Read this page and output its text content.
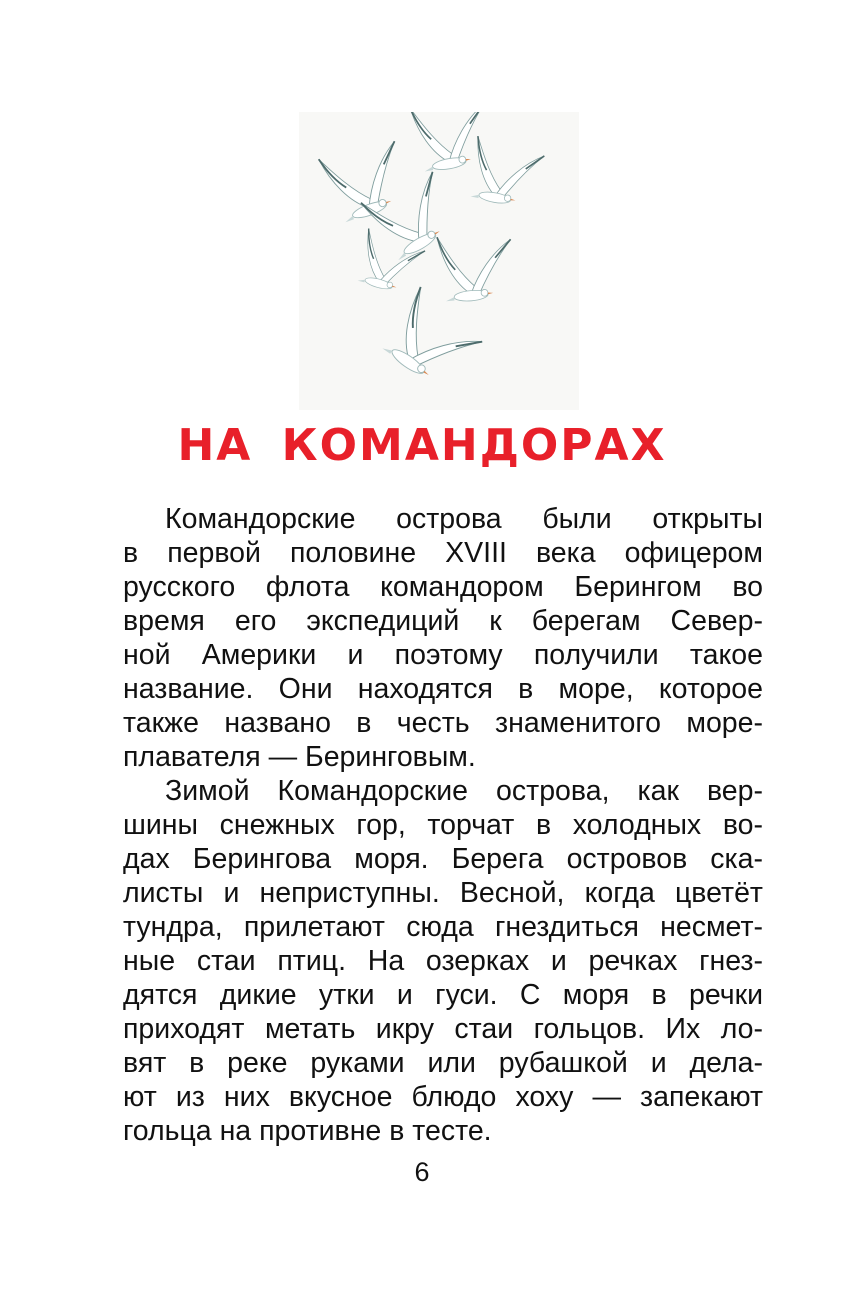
НА КОМАНДОРАХ
Командорские острова были открыты
в первой половине XVIII века офицером
русского флота командором Берингом во
время его экспедиций к берегам Север-
ной Америки и поэтому получили такое
название. Они находятся в море, которое
также названо в честь знаменитого море-
плавателя — Беринговым.
Зимой Командорские острова, как вер-
шины снежных гор, торчат в холодных во-
дах Берингова моря. Берега островов ска-
листы и неприступны. Весной, когда цветёт
тундра, прилетают сюда гнездиться несмет-
ные стаи птиц. На озерках и речках гнез-
дятся дикие утки и гуси. С моря в речки
приходят метать икру стаи гольцов. Их ло-
вят в реке руками или рубашкой и дела-
ют из них вкусное блюдо хоху — запекают
гольца на противне в тесте.
6
